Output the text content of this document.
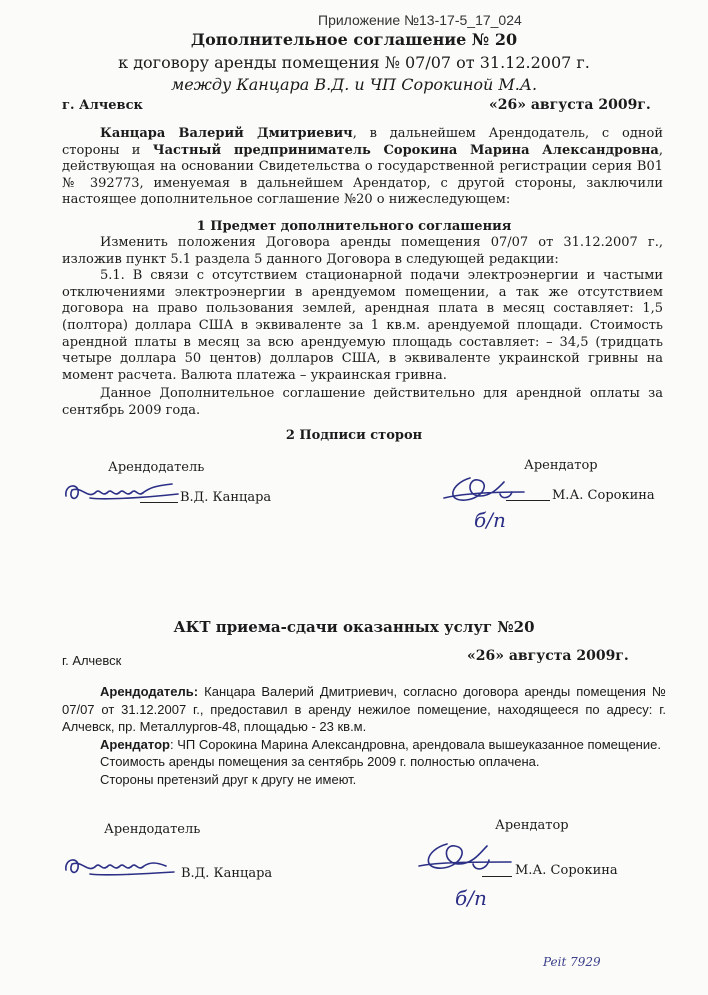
Приложение №13-17-5_17_024
Дополнительное соглашение № 20
к договору аренды помещения № 07/07 от 31.12.2007 г.
между Канцара В.Д. и ЧП Сорокиной М.А.
г. Алчевск	«26» августа 2009г.

Канцара Валерий Дмитриевич, в дальнейшем Арендодатель, с одной стороны и Частный предприниматель Сорокина Марина Александровна, действующая на основании Свидетельства о государственной регистрации серия В01 № 392773, именуемая в дальнейшем Арендатор, с другой стороны, заключили настоящее дополнительное соглашение №20 о нижеследующем:

1 Предмет дополнительного соглашения

Изменить положения Договора аренды помещения 07/07 от 31.12.2007 г., изложив пункт 5.1 раздела 5 данного Договора в следующей редакции:

5.1. В связи с отсутствием стационарной подачи электроэнергии и частыми отключениями электроэнергии в арендуемом помещении, а так же отсутствием договора на право пользования землей, арендная плата в месяц составляет: 1,5 (полтора) доллара США в эквиваленте за 1 кв.м. арендуемой площади. Стоимость арендной платы в месяц за всю арендуемую площадь составляет: – 34,5 (тридцать четыре доллара 50 центов) долларов США, в эквиваленте украинской гривны на момент расчета. Валюта платежа – украинская гривна.

Данное Дополнительное соглашение действительно для арендной оплаты за сентябрь 2009 года.

2 Подписи сторон
Арендодатель
В.Д. Канцара
Арендатор
М.А. Сорокина
б/п
АКТ приема-сдачи оказанных услуг №20
г. Алчевск	«26» августа 2009г.

Арендодатель: Канцара Валерий Дмитриевич, согласно договора аренды помещения № 07/07 от 31.12.2007 г., предоставил в аренду нежилое помещение, находящееся по адресу: г. Алчевск, пр. Металлургов-48, площадью - 23 кв.м.

Арендатор: ЧП Сорокина Марина Александровна, арендовала вышеуказанное помещение.

Стоимость аренды помещения за сентябрь 2009 г. полностью оплачена.

Стороны претензий друг к другу не имеют.

Арендодатель
В.Д. Канцара
Арендатор
М.А. Сорокина
б/п
Peit 7929
